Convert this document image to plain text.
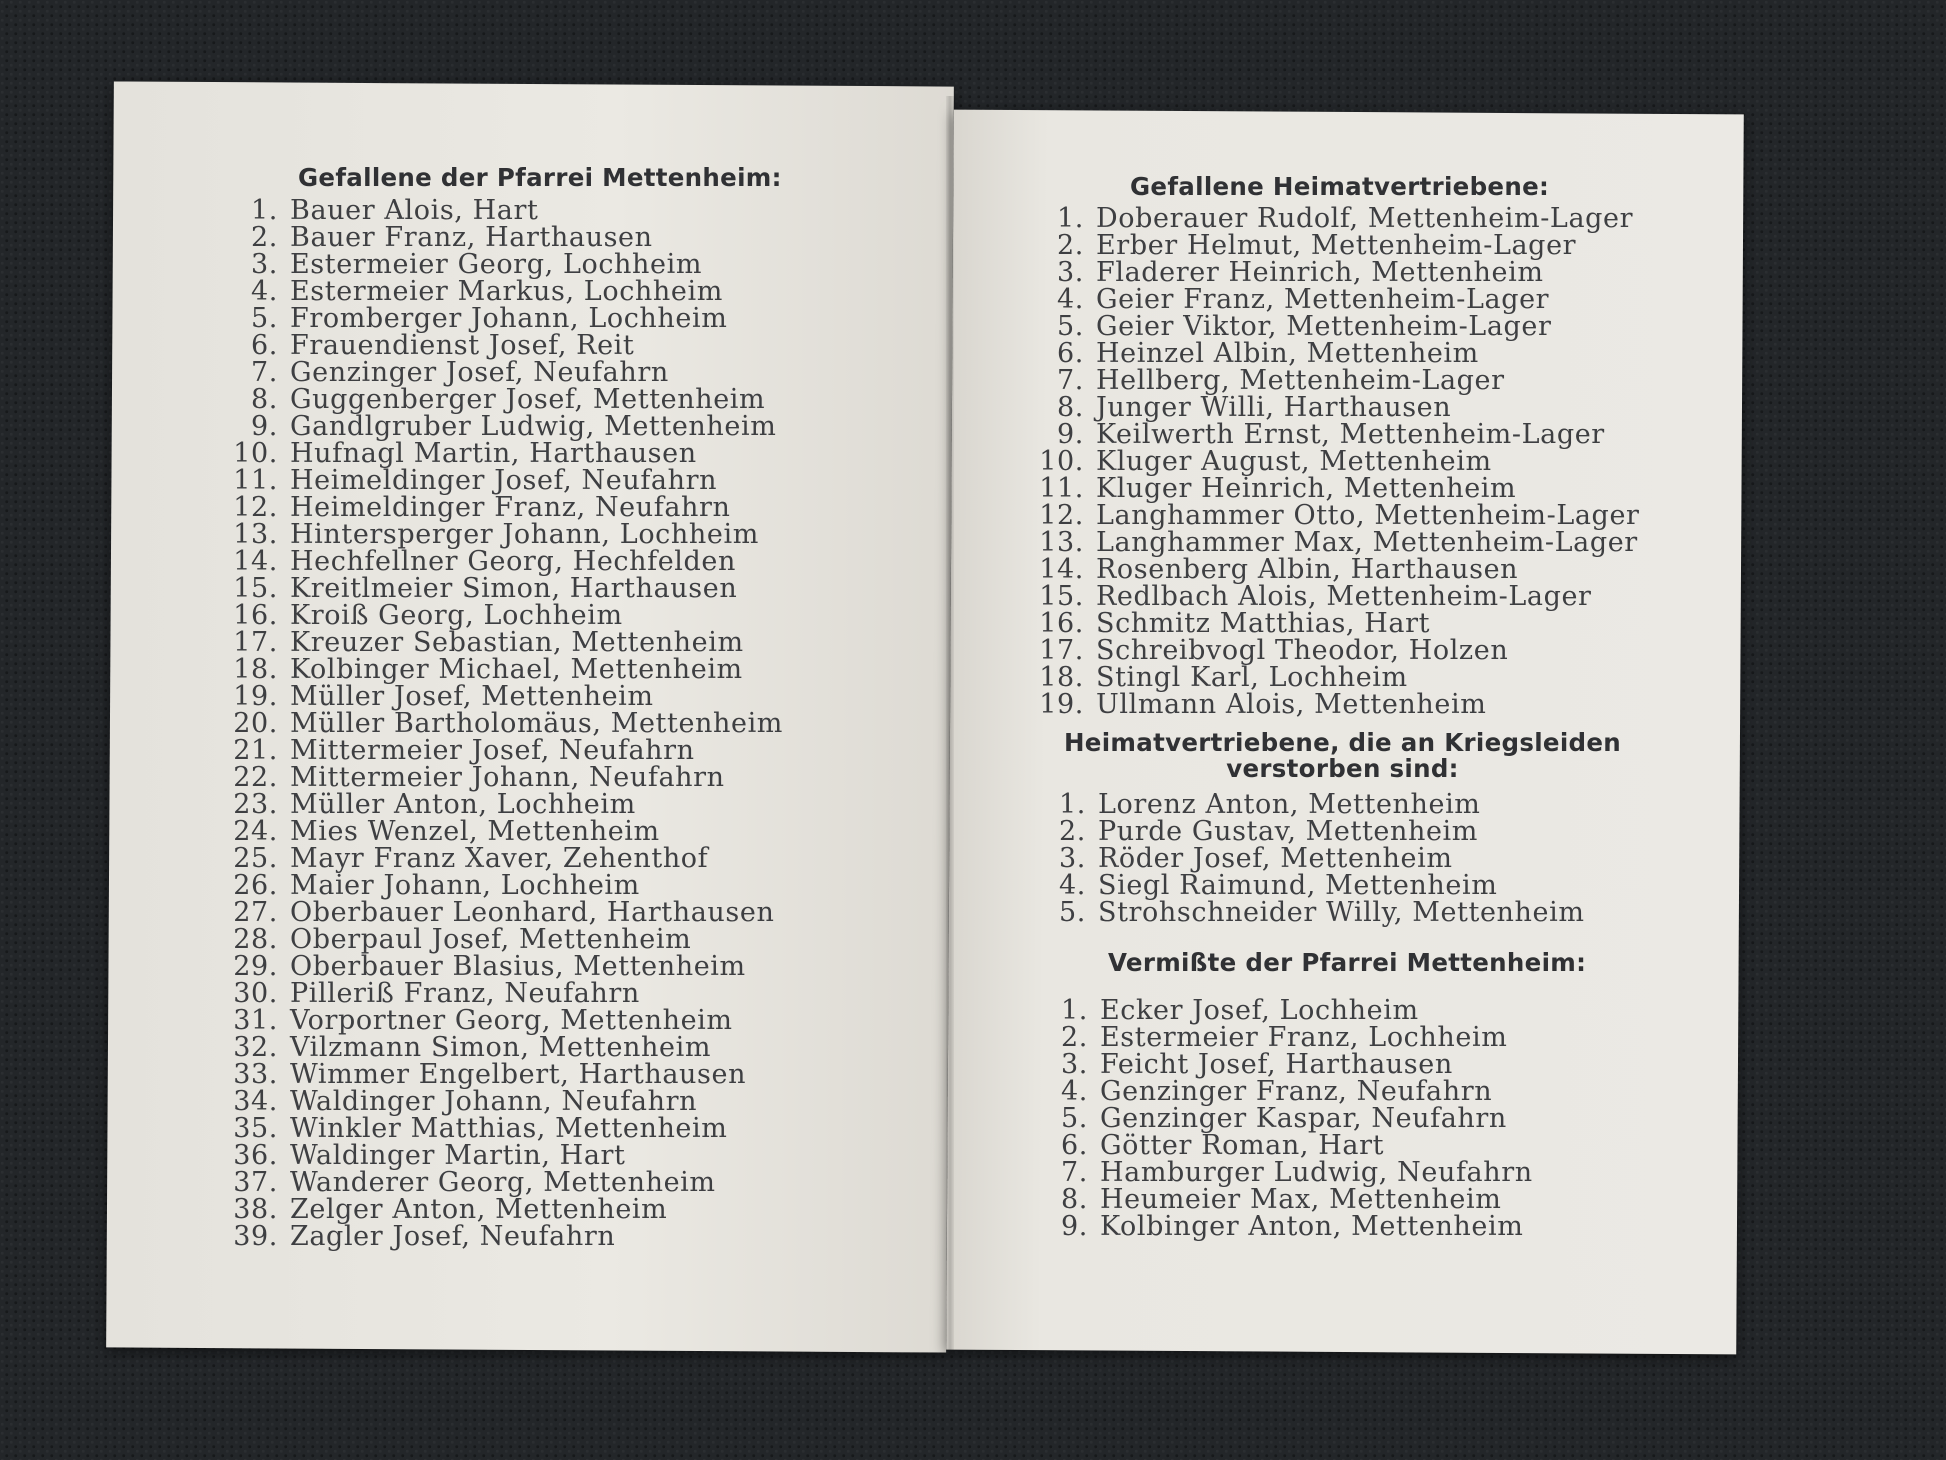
Gefallene der Pfarrei Mettenheim:
1. Bauer Alois, Hart
2. Bauer Franz, Harthausen
3. Estermeier Georg, Lochheim
4. Estermeier Markus, Lochheim
5. Fromberger Johann, Lochheim
6. Frauendienst Josef, Reit
7. Genzinger Josef, Neufahrn
8. Guggenberger Josef, Mettenheim
9. Gandlgruber Ludwig, Mettenheim
10. Hufnagl Martin, Harthausen
11. Heimeldinger Josef, Neufahrn
12. Heimeldinger Franz, Neufahrn
13. Hintersperger Johann, Lochheim
14. Hechfellner Georg, Hechfelden
15. Kreitlmeier Simon, Harthausen
16. Kroiß Georg, Lochheim
17. Kreuzer Sebastian, Mettenheim
18. Kolbinger Michael, Mettenheim
19. Müller Josef, Mettenheim
20. Müller Bartholomäus, Mettenheim
21. Mittermeier Josef, Neufahrn
22. Mittermeier Johann, Neufahrn
23. Müller Anton, Lochheim
24. Mies Wenzel, Mettenheim
25. Mayr Franz Xaver, Zehenthof
26. Maier Johann, Lochheim
27. Oberbauer Leonhard, Harthausen
28. Oberpaul Josef, Mettenheim
29. Oberbauer Blasius, Mettenheim
30. Pilleriß Franz, Neufahrn
31. Vorportner Georg, Mettenheim
32. Vilzmann Simon, Mettenheim
33. Wimmer Engelbert, Harthausen
34. Waldinger Johann, Neufahrn
35. Winkler Matthias, Mettenheim
36. Waldinger Martin, Hart
37. Wanderer Georg, Mettenheim
38. Zelger Anton, Mettenheim
39. Zagler Josef, Neufahrn
Gefallene Heimatvertriebene:
1. Doberauer Rudolf, Mettenheim-Lager
2. Erber Helmut, Mettenheim-Lager
3. Fladerer Heinrich, Mettenheim
4. Geier Franz, Mettenheim-Lager
5. Geier Viktor, Mettenheim-Lager
6. Heinzel Albin, Mettenheim
7. Hellberg, Mettenheim-Lager
8. Junger Willi, Harthausen
9. Keilwerth Ernst, Mettenheim-Lager
10. Kluger August, Mettenheim
11. Kluger Heinrich, Mettenheim
12. Langhammer Otto, Mettenheim-Lager
13. Langhammer Max, Mettenheim-Lager
14. Rosenberg Albin, Harthausen
15. Redlbach Alois, Mettenheim-Lager
16. Schmitz Matthias, Hart
17. Schreibvogl Theodor, Holzen
18. Stingl Karl, Lochheim
19. Ullmann Alois, Mettenheim
Heimatvertriebene, die an Kriegsleiden
verstorben sind:
1. Lorenz Anton, Mettenheim
2. Purde Gustav, Mettenheim
3. Röder Josef, Mettenheim
4. Siegl Raimund, Mettenheim
5. Strohschneider Willy, Mettenheim
Vermißte der Pfarrei Mettenheim:
1. Ecker Josef, Lochheim
2. Estermeier Franz, Lochheim
3. Feicht Josef, Harthausen
4. Genzinger Franz, Neufahrn
5. Genzinger Kaspar, Neufahrn
6. Götter Roman, Hart
7. Hamburger Ludwig, Neufahrn
8. Heumeier Max, Mettenheim
9. Kolbinger Anton, Mettenheim
